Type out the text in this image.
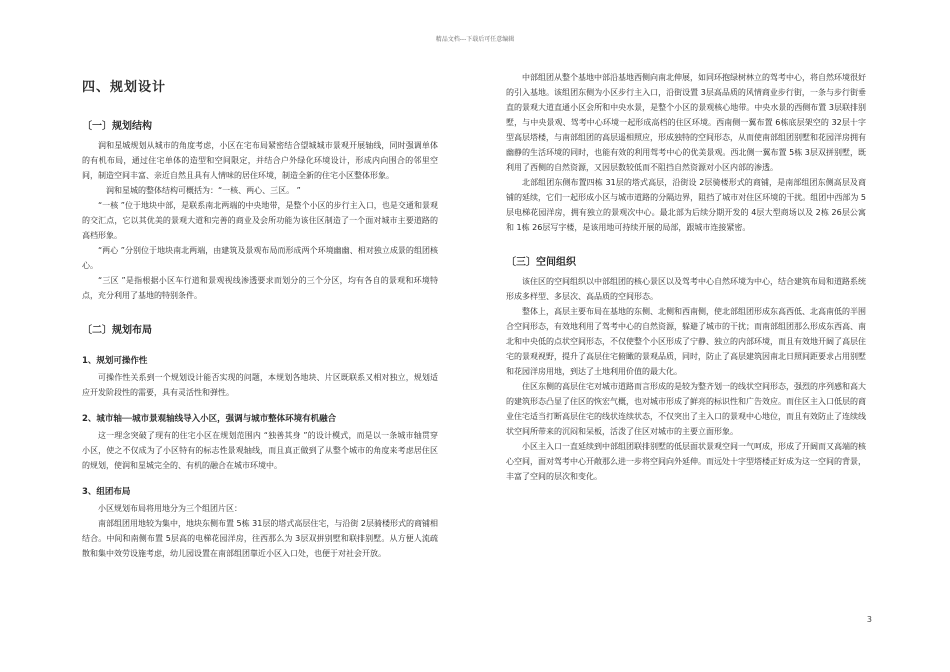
精品文档---下载后可任意编辑
四、规划设计
〔一〕规划结构

润和星城规划从城市的角度考虑，小区在宅布局紧密结合望城城市景观开展轴线，同时强调单体的有机布局，通过住宅单体的造型和空间限定，并结合户外绿化环境设计，形成内向围合的邻里空间，制造空间丰富、亲近自然且具有人情味的居住环境，制造全新的住宅小区整体形象。

润和星城的整体结构可概括为：“一核、两心、三区。 ”

“一核 ”位于地块中部，是联系南北两端的中央地带，是整个小区的步行主入口，也是交通和景观的交汇点，它以其优美的景观大道和完善的商业及会所功能为该住区制造了一个面对城市主要道路的高档形象。

“两心 ”分别位于地块南北两端，由建筑及景观布局而形成两个环境幽幽、相对独立成景的组团核心。

“三区 ”是指根据小区车行道和景观视线渗透要求而划分的三个分区，均有各自的景观和环境特点，充分利用了基地的特别条件。

〔二〕规划布局
1、规划可操作性

可操作性关系到一个规划设计能否实现的问题，本规划各地块、片区既联系又相对独立，规划适应开发阶段性的需要，具有灵活性和弹性。

2、城市轴──城市景观轴线导入小区，强调与城市整体环境有机融合

这一理念突破了现有的住宅小区在规划范围内 “独善其身 ”的设计模式，而是以一条城市轴贯穿小区，使之不仅成为了小区特有的标志性景观轴线，而且真正做到了从整个城市的角度来考虑居住区的规划，使润和星城完全的、有机的融合在城市环境中。

3、组团布局

小区规划布局将用地分为三个组团片区：

南部组团用地较为集中，地块东侧布置 5栋 31层的塔式高层住宅，与沿街 2层骑楼形式的商铺相结合。中间和南侧布置 5层高的电梯花园洋房，往西那么为 3层双拼别墅和联排别墅。从方便人流疏散和集中效劳设施考虑，幼儿园设置在南部组团靠近小区入口处，也便于对社会开放。

中部组团从整个基地中部沿基地西侧向南北伸展，如同环抱绿树林立的驾考中心，将自然环境很好的引入基地。该组团东侧为小区步行主入口，沿街设置 3层高品质的风情商业步行街，一条与步行街垂直的景观大道直通小区会所和中央水景，是整个小区的景观核心地带。中央水景的西侧布置 3层联排别墅，与中央景观、驾考中心环境一起形成高档的住区环境。西南侧一翼布置 6栋底层架空的 32层十字型高层塔楼，与南部组团的高层遥相照应，形成独特的空间形态，从而使南部组团别墅和花园洋房拥有幽静的生活环境的同时，也能有效的利用驾考中心的优美景观。西北侧一翼布置 5栋 3层双拼别墅，既利用了西侧的自然资源，又因层数较低而不阻挡自然资源对小区内部的渗透。

北部组团东侧布置四栋 31层的塔式高层，沿街设 2层骑楼形式的商铺，是南部组团东侧高层及商铺的延续，它们一起形成小区与城市道路的分隔边界，阻挡了城市对住区环境的干扰。组团中西部为 5层电梯花园洋房，拥有独立的景观次中心。最北部为后续分期开发的 4层大型商场以及 2栋 26层公寓和 1栋 26层写字楼，是该用地可持续开展的局部，跟城市连接紧密。

〔三〕空间组织

该住区的空间组织以中部组团的核心景区以及驾考中心自然环境为中心，结合建筑布局和道路系统形成多样型、多层次、高品质的空间形态。

整体上，高层主要布局在基地的东侧、北侧和西南侧，使北部组团形成东高西低、北高南低的半围合空间形态，有效地利用了驾考中心的自然资源，躲避了城市的干扰；而南部组团那么形成东西高、南北和中央低的点状空间形态，不仅使整个小区形成了宁静、独立的内部环境，而且有效地开阔了高层住宅的景观视野，提升了高层住宅俯瞰的景观品质，同时，防止了高层建筑因南北日照间距要求占用别墅和花园洋房用地，到达了土地利用价值的最大化。

住区东侧的高层住宅对城市道路而言形成的是较为整齐划一的线状空间形态，强烈的序列感和高大的建筑形态凸显了住区的恢宏气概，也对城市形成了鲜亮的标识性和广告效应。而住区主入口低层的商业住宅适当打断高层住宅的线状连续状态，不仅突出了主入口的景观中心地位，而且有效防止了连续线状空间所带来的沉闷和呆板，活泼了住区对城市的主要立面形象。

小区主入口一直延续到中部组团联排别墅的低层面状景观空间一气呵成，形成了开阔而又高端的核心空间，面对驾考中心开敞那么进一步将空间向外延伸。而远处十字型塔楼正好成为这一空间的背景，丰富了空间的层次和变化。

3
